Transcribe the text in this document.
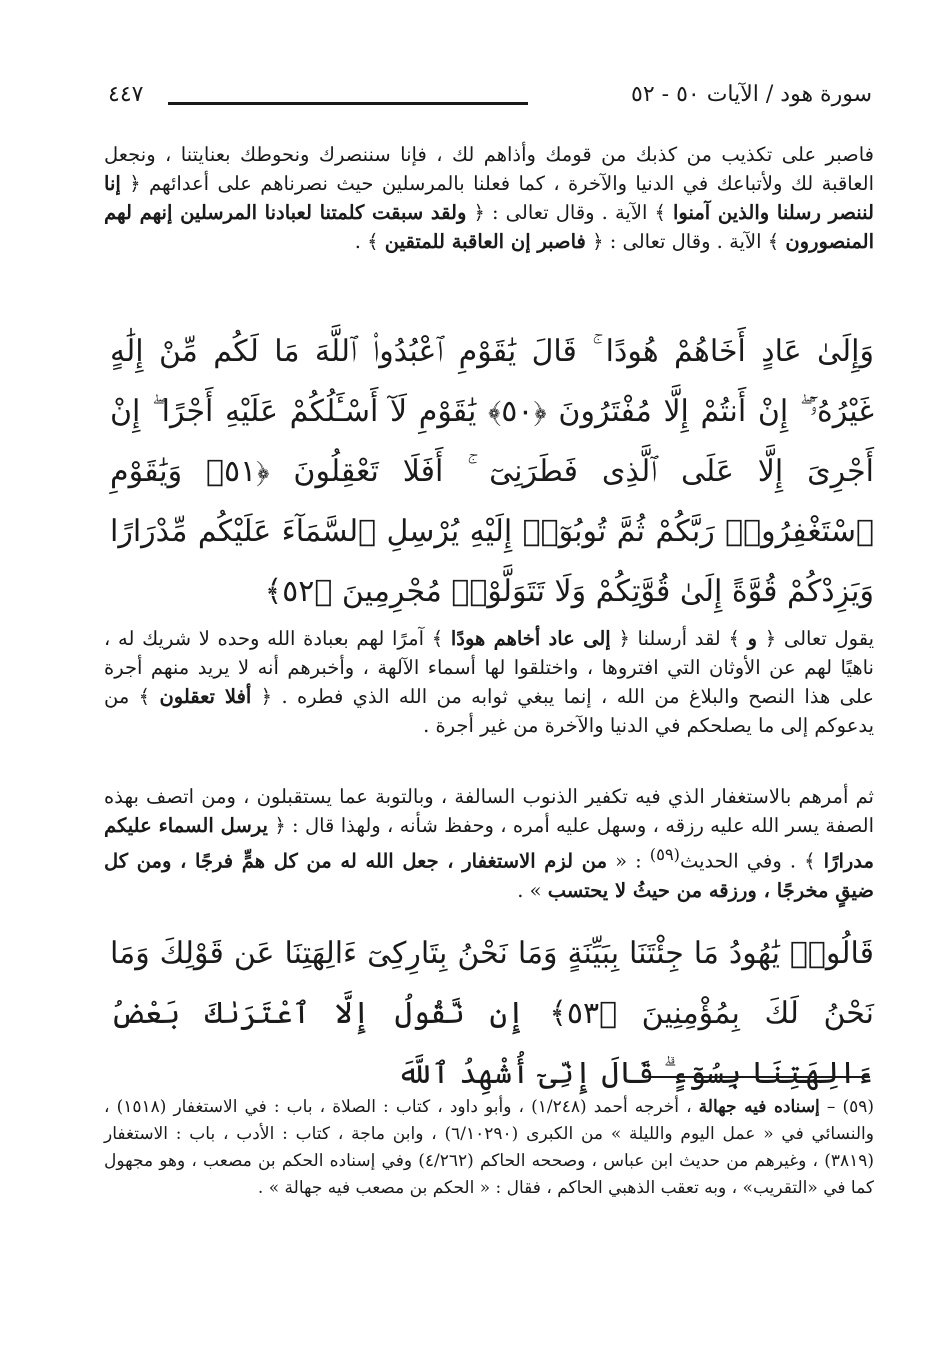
سورة هود / الآيات ٥٠ - ٥٢
٤٤٧
فاصبر على تكذيب من كذبك من قومك وأذاهم لك ، فإنا سننصرك ونحوطك بعنايتنا ، ونجعل العاقبة لك ولأتباعك في الدنيا والآخرة ، كما فعلنا بالمرسلين حيث نصرناهم على أعدائهم ﴿ إنا لننصر رسلنا والذين آمنوا ﴾ الآية . وقال تعالى : ﴿ ولقد سبقت كلمتنا لعبادنا المرسلين إنهم لهم المنصورون ﴾ الآية . وقال تعالى : ﴿ فاصبر إن العاقبة للمتقين ﴾ .
وَإِلَىٰ عَادٍ أَخَاهُمْ هُودًا ۚ قَالَ يَٰقَوْمِ ٱعْبُدُوا۟ ٱللَّهَ مَا لَكُم مِّنْ إِلَٰهٍ غَيْرُهُۥٓ ۖ إِنْ أَنتُمْ إِلَّا مُفْتَرُونَ ﴿٥٠﴾ يَٰقَوْمِ لَآ أَسْـَٔلُكُمْ عَلَيْهِ أَجْرًا ۖ إِنْ أَجْرِىَ إِلَّا عَلَى ٱلَّذِى فَطَرَنِىٓ ۚ أَفَلَا تَعْقِلُونَ ﴿٥١﴾ وَيَٰقَوْمِ ٱسْتَغْفِرُوا۟ رَبَّكُمْ ثُمَّ تُوبُوٓا۟ إِلَيْهِ يُرْسِلِ ٱلسَّمَآءَ عَلَيْكُم مِّدْرَارًا وَيَزِدْكُمْ قُوَّةً إِلَىٰ قُوَّتِكُمْ وَلَا تَتَوَلَّوْا۟ مُجْرِمِينَ ﴿٥٢﴾
يقول تعالى ﴿ و ﴾ لقد أرسلنا ﴿ إلى عاد أخاهم هودًا ﴾ آمرًا لهم بعبادة الله وحده لا شريك له ، ناهيًا لهم عن الأوثان التي افتروها ، واختلقوا لها أسماء الآلهة ، وأخبرهم أنه لا يريد منهم أجرة على هذا النصح والبلاغ من الله ، إنما يبغي ثوابه من الله الذي فطره . ﴿ أفلا تعقلون ﴾ من يدعوكم إلى ما يصلحكم في الدنيا والآخرة من غير أجرة .
ثم أمرهم بالاستغفار الذي فيه تكفير الذنوب السالفة ، وبالتوبة عما يستقبلون ، ومن اتصف بهذه الصفة يسر الله عليه رزقه ، وسهل عليه أمره ، وحفظ شأنه ، ولهذا قال : ﴿ يرسل السماء عليكم مدرارًا ﴾ . وفي الحديث$^{(٥٩)}$ : « من لزم الاستغفار ، جعل الله له من كل همٍّ فرجًا ، ومن كل ضيقٍ مخرجًا ، ورزقه من حيثُ لا يحتسب » .
قَالُوا۟ يَٰهُودُ مَا جِئْتَنَا بِبَيِّنَةٍ وَمَا نَحْنُ بِتَارِكِىٓ ءَالِهَتِنَا عَن قَوْلِكَ وَمَا نَحْنُ لَكَ بِمُؤْمِنِينَ ﴿٥٣﴾ إِن نَّقُولُ إِلَّا ٱعْتَرَىٰكَ بَعْضُ ءَالِهَتِنَا بِسُوٓءٍ ۗ قَالَ إِنِّىٓ أُشْهِدُ ٱللَّهَ
(٥٩) – إسناده فيه جهالة ، أخرجه أحمد (١/٢٤٨) ، وأبو داود ، كتاب : الصلاة ، باب : في الاستغفار (١٥١٨) ، والنسائي في « عمل اليوم والليلة » من الكبرى (٦/١٠٢٩٠) ، وابن ماجة ، كتاب : الأدب ، باب : الاستغفار (٣٨١٩) ، وغيرهم من حديث ابن عباس ، وصححه الحاكم (٤/٢٦٢) وفي إسناده الحكم بن مصعب ، وهو مجهول كما في «التقريب» ، وبه تعقب الذهبي الحاكم ، فقال : « الحكم بن مصعب فيه جهالة » .
